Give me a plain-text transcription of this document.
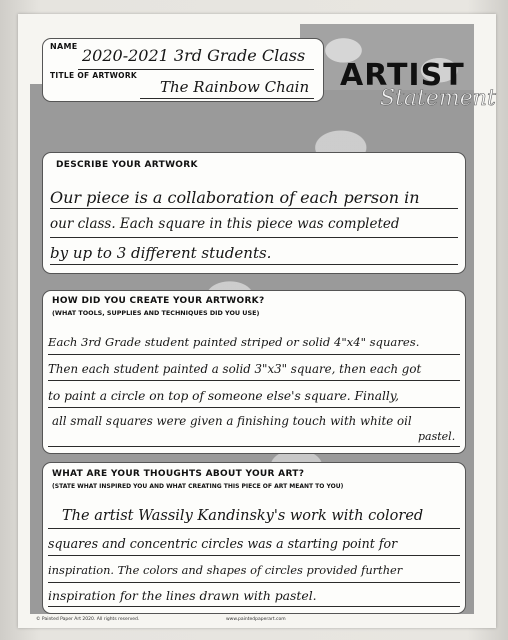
NAME 2020-2021 3rd Grade Class
TITLE OF ARTWORK
The Rainbow Chain ARTIST
Statement
DESCRIBE YOUR ARTWORK
Our piece is a collaboration of each person in
our class. Each square in this piece was completed
by up to 3 different students.
HOW DID YOU CREATE YOUR ARTWORK?
(WHAT TOOLS, SUPPLIES AND TECHNIQUES DID YOU USE)
Each 3rd Grade student painted striped or solid 4"x4" squares.
Then each student painted a solid 3"x3" square, then each got
to paint a circle on top of someone else's square. Finally,
all small squares were given a finishing touch with white oil
pastel.
WHAT ARE YOUR THOUGHTS ABOUT YOUR ART?
(STATE WHAT INSPIRED YOU AND WHAT CREATING THIS PIECE OF ART MEANT TO YOU)
The artist Wassily Kandinsky's work with colored
squares and concentric circles was a starting point for
inspiration. The colors and shapes of circles provided further
inspiration for the lines drawn with pastel.
© Painted Paper Art 2020. All rights reserved.	www.paintedpaperart.com
